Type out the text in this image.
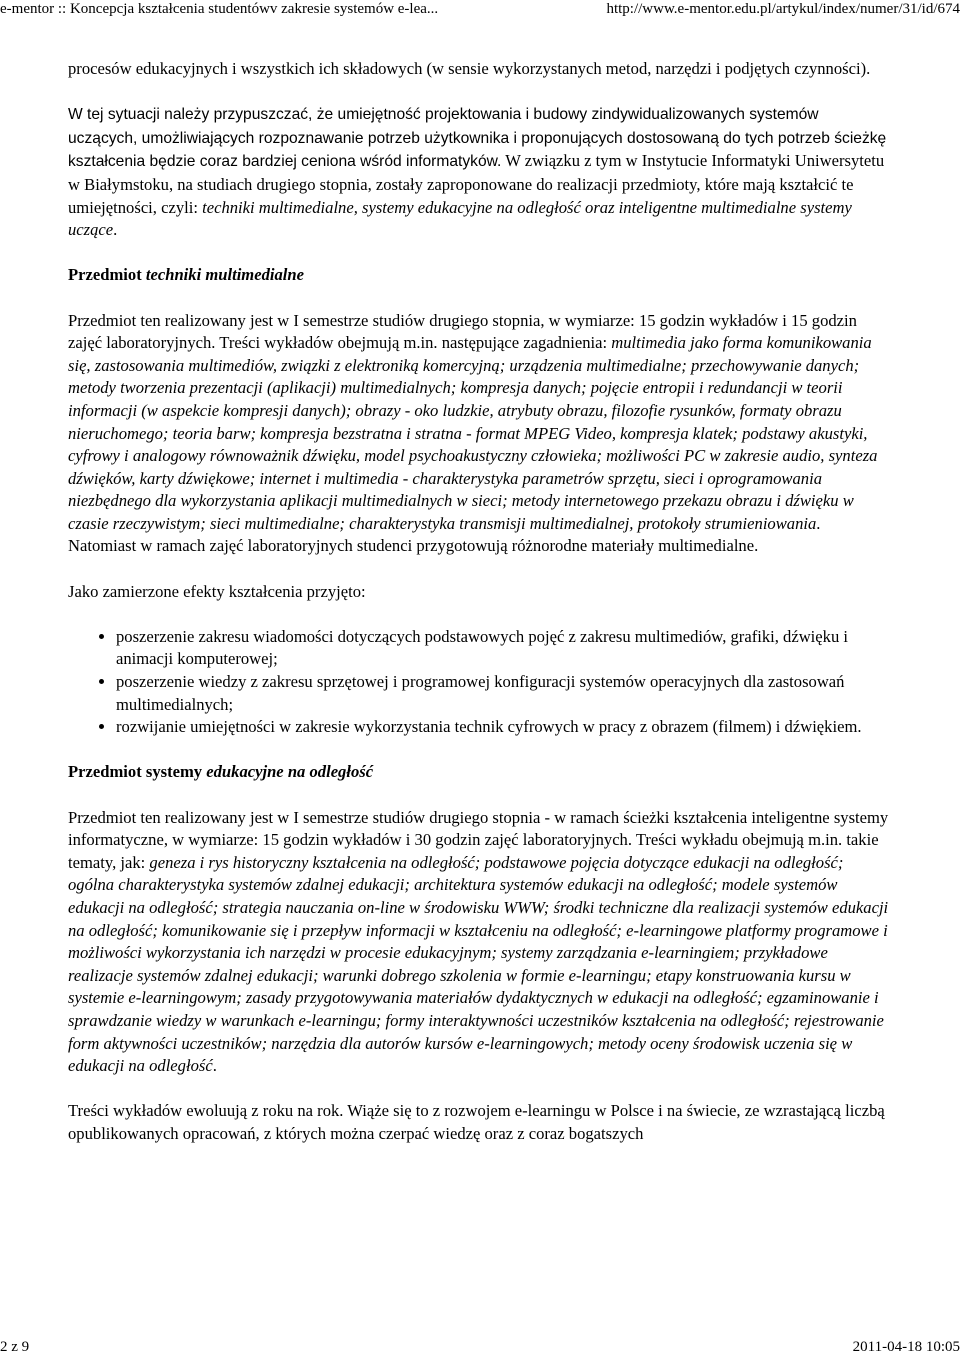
e-mentor :: Koncepcja kształcenia studentówv zakresie systemów e-lea...	http://www.e-mentor.edu.pl/artykul/index/numer/31/id/674

procesów edukacyjnych i wszystkich ich składowych (w sensie wykorzystanych metod, narzędzi i podjętych czynności).

W tej sytuacji należy przypuszczać, że umiejętność projektowania i budowy zindywidualizowanych systemów uczących, umożliwiających rozpoznawanie potrzeb użytkownika i proponujących dostosowaną do tych potrzeb ścieżkę kształcenia będzie coraz bardziej ceniona wśród informatyków. W związku z tym w Instytucie Informatyki Uniwersytetu w Białymstoku, na studiach drugiego stopnia, zostały zaproponowane do realizacji przedmioty, które mają kształcić te umiejętności, czyli: techniki multimedialne, systemy edukacyjne na odległość oraz inteligentne multimedialne systemy uczące.

Przedmiot techniki multimedialne

Przedmiot ten realizowany jest w I semestrze studiów drugiego stopnia, w wymiarze: 15 godzin wykładów i 15 godzin zajęć laboratoryjnych. Treści wykładów obejmują m.in. następujące zagadnienia: multimedia jako forma komunikowania się, zastosowania multimediów, związki z elektroniką komercyjną; urządzenia multimedialne; przechowywanie danych; metody tworzenia prezentacji (aplikacji) multimedialnych; kompresja danych; pojęcie entropii i redundancji w teorii informacji (w aspekcie kompresji danych); obrazy - oko ludzkie, atrybuty obrazu, filozofie rysunków, formaty obrazu nieruchomego; teoria barw; kompresja bezstratna i stratna - format MPEG Video, kompresja klatek; podstawy akustyki, cyfrowy i analogowy równoważnik dźwięku, model psychoakustyczny człowieka; możliwości PC w zakresie audio, synteza dźwięków, karty dźwiękowe; internet i multimedia - charakterystyka parametrów sprzętu, sieci i oprogramowania niezbędnego dla wykorzystania aplikacji multimedialnych w sieci; metody internetowego przekazu obrazu i dźwięku w czasie rzeczywistym; sieci multimedialne; charakterystyka transmisji multimedialnej, protokoły strumieniowania. Natomiast w ramach zajęć laboratoryjnych studenci przygotowują różnorodne materiały multimedialne.

Jako zamierzone efekty kształcenia przyjęto:

• poszerzenie zakresu wiadomości dotyczących podstawowych pojęć z zakresu multimediów, grafiki, dźwięku i animacji komputerowej;
• poszerzenie wiedzy z zakresu sprzętowej i programowej konfiguracji systemów operacyjnych dla zastosowań multimedialnych;
• rozwijanie umiejętności w zakresie wykorzystania technik cyfrowych w pracy z obrazem (filmem) i dźwiękiem.
Przedmiot systemy edukacyjne na odległość

Przedmiot ten realizowany jest w I semestrze studiów drugiego stopnia - w ramach ścieżki kształcenia inteligentne systemy informatyczne, w wymiarze: 15 godzin wykładów i 30 godzin zajęć laboratoryjnych. Treści wykładu obejmują m.in. takie tematy, jak: geneza i rys historyczny kształcenia na odległość; podstawowe pojęcia dotyczące edukacji na odległość; ogólna charakterystyka systemów zdalnej edukacji; architektura systemów edukacji na odległość; modele systemów edukacji na odległość; strategia nauczania on-line w środowisku WWW; środki techniczne dla realizacji systemów edukacji na odległość; komunikowanie się i przepływ informacji w kształceniu na odległość; e-learningowe platformy programowe i możliwości wykorzystania ich narzędzi w procesie edukacyjnym; systemy zarządzania e-learningiem; przykładowe realizacje systemów zdalnej edukacji; warunki dobrego szkolenia w formie e-learningu; etapy konstruowania kursu w systemie e-learningowym; zasady przygotowywania materiałów dydaktycznych w edukacji na odległość; egzaminowanie i sprawdzanie wiedzy w warunkach e-learningu; formy interaktywności uczestników kształcenia na odległość; rejestrowanie form aktywności uczestników; narzędzia dla autorów kursów e-learningowych; metody oceny środowisk uczenia się w edukacji na odległość.

Treści wykładów ewoluują z roku na rok. Wiąże się to z rozwojem e-learningu w Polsce i na świecie, ze wzrastającą liczbą opublikowanych opracowań, z których można czerpać wiedzę oraz z coraz bogatszych

2 z 9	2011-04-18 10:05
